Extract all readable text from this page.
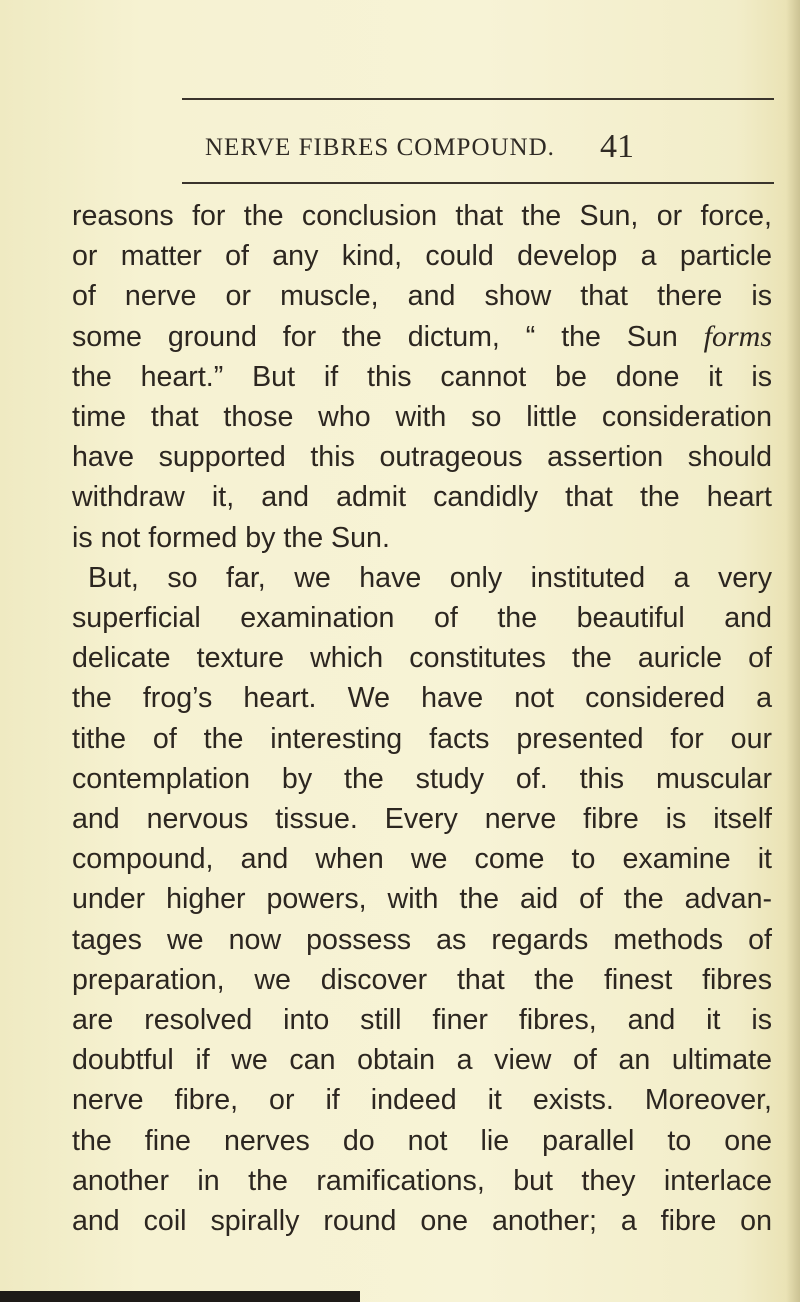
NERVE FIBRES COMPOUND. 41
reasons for the conclusion that the Sun, or force,
or matter of any kind, could develop a particle
of nerve or muscle, and show that there is
some ground for the dictum, “ the Sun forms
the heart.” But if this cannot be done it is
time that those who with so little consideration
have supported this outrageous assertion should
withdraw it, and admit candidly that the heart
is not formed by the Sun.
But, so far, we have only instituted a very
superficial examination of the beautiful and
delicate texture which constitutes the auricle of
the frog’s heart. We have not considered a
tithe of the interesting facts presented for our
contemplation by the study of. this muscular
and nervous tissue. Every nerve fibre is itself
compound, and when we come to examine it
under higher powers, with the aid of the advan-
tages we now possess as regards methods of
preparation, we discover that the finest fibres
are resolved into still finer fibres, and it is
doubtful if we can obtain a view of an ultimate
nerve fibre, or if indeed it exists. Moreover,
the fine nerves do not lie parallel to one
another in the ramifications, but they interlace
and coil spirally round one another; a fibre on
